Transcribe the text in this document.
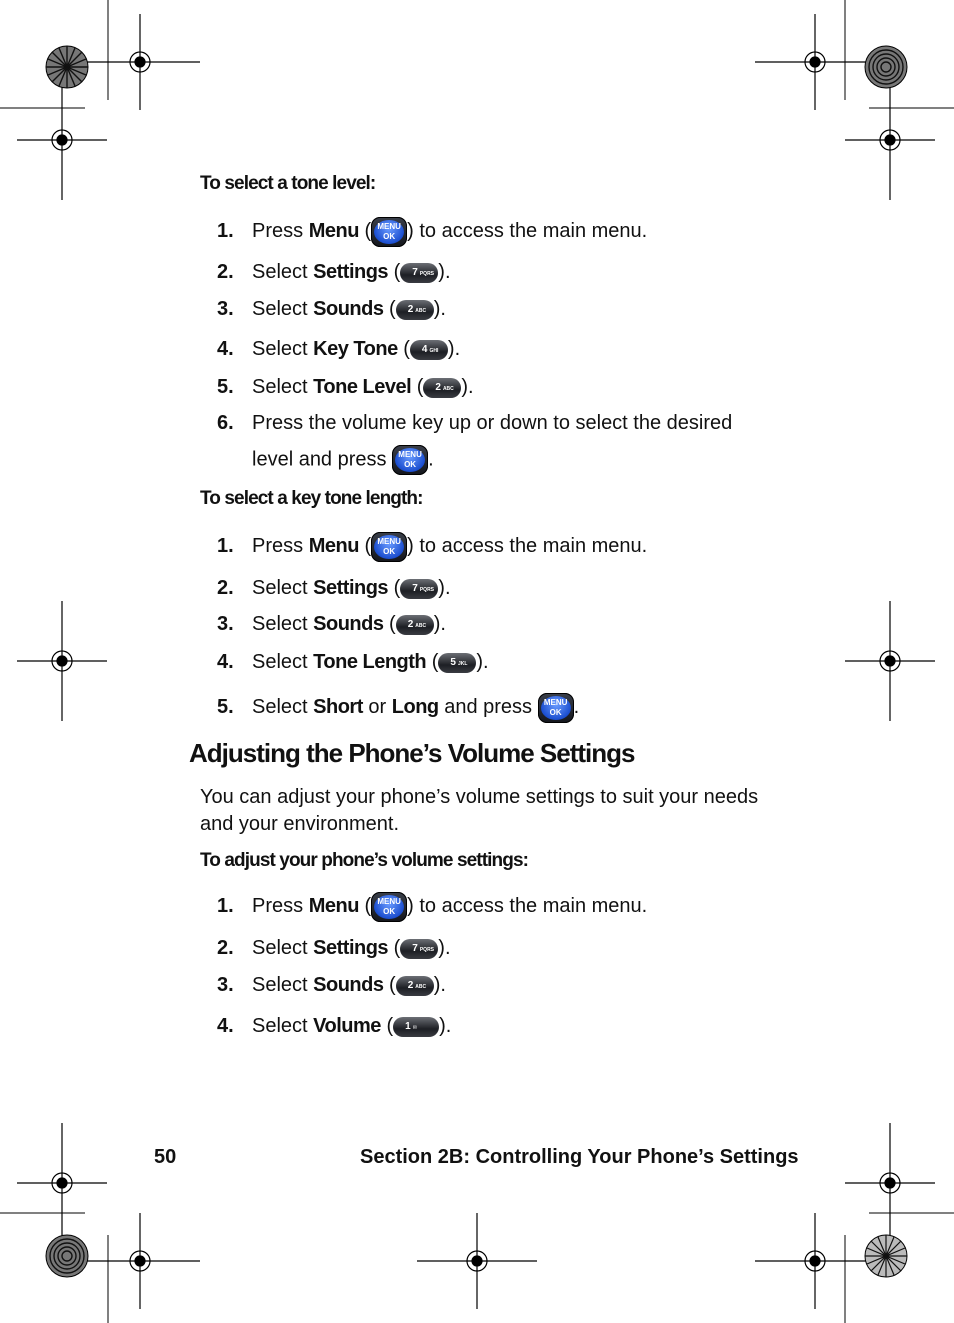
To select a tone level:
1. Press Menu ( MENU
OK ) to access the main menu.
2. Select Settings ( 7 PQRS ).
3. Select Sounds ( 2 ABC ).
4. Select Key Tone ( 4 GHI ).
5. Select Tone Level ( 2 ABC ).
6. Press the volume key up or down to select the desired
level and press MENU
OK .
To select a key tone length:
1. Press Menu ( MENU
OK ) to access the main menu.
2. Select Settings ( 7 PQRS ).
3. Select Sounds ( 2 ABC ).
4. Select Tone Length ( 5 JKL ).
5. Select Short or Long and press MENU
OK .
Adjusting the Phone’s Volume Settings
You can adjust your phone’s volume settings to suit your needs and your environment.
To adjust your phone’s volume settings:
1. Press Menu ( MENU
OK ) to access the main menu.
2. Select Settings ( 7 PQRS ).
3. Select Sounds ( 2 ABC ).
4. Select Volume ( 1 ✉ ).
50	Section 2B: Controlling Your Phone’s Settings
